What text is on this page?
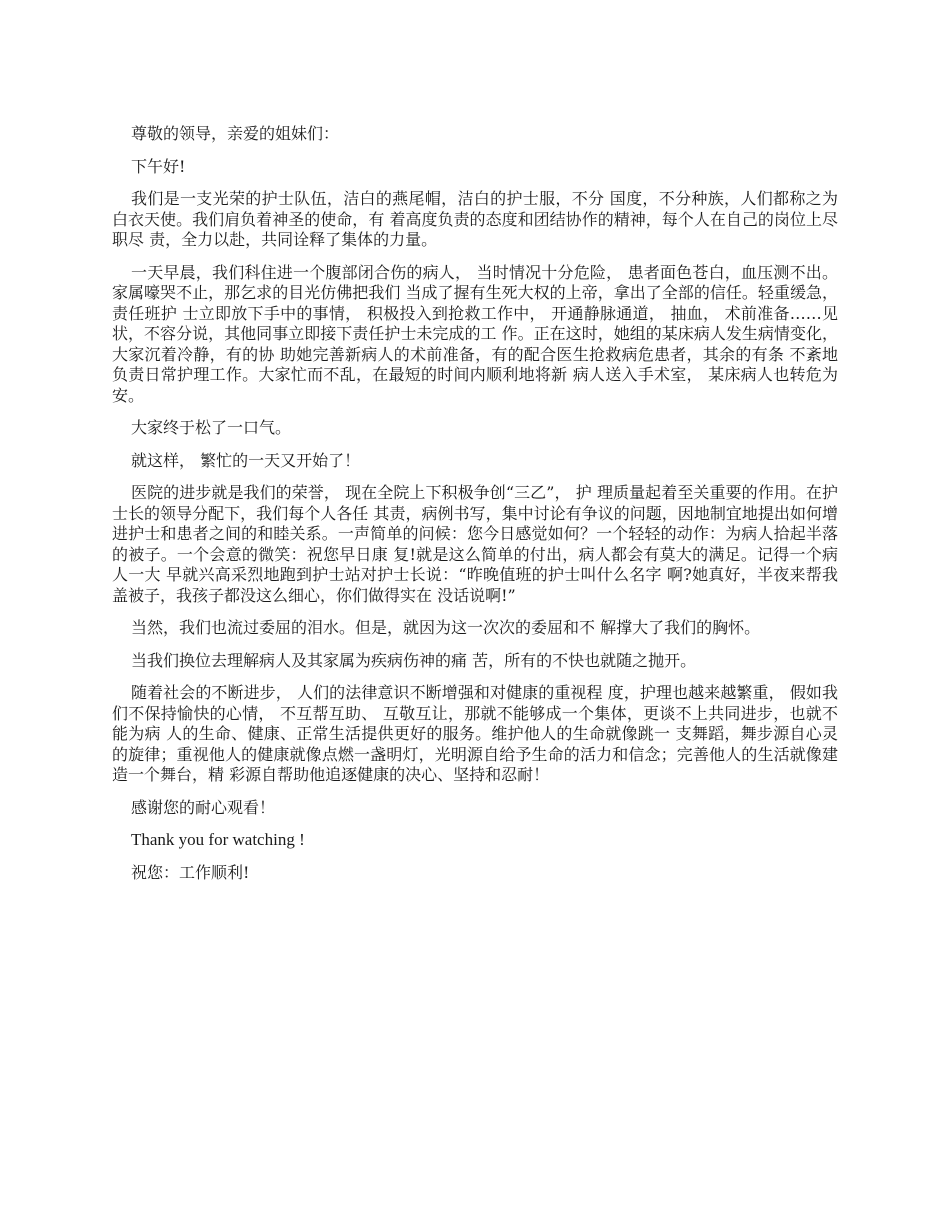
尊敬的领导，亲爱的姐妹们：

下午好!

我们是一支光荣的护士队伍，洁白的燕尾帽，洁白的护士服，不分 国度，不分种族，人们都称之为白衣天使。我们肩负着神圣的使命，有 着高度负责的态度和团结协作的精神，每个人在自己的岗位上尽职尽 责，全力以赴，共同诠释了集体的力量。

一天早晨，我们科住进一个腹部闭合伤的病人， 当时情况十分危险， 患者面色苍白，血压测不出。家属嚎哭不止，那乞求的目光仿佛把我们 当成了握有生死大权的上帝，拿出了全部的信任。轻重缓急，责任班护 士立即放下手中的事情， 积极投入到抢救工作中， 开通静脉通道， 抽血， 术前准备……见状，不容分说，其他同事立即接下责任护士未完成的工 作。正在这时，她组的某床病人发生病情变化，大家沉着冷静，有的协 助她完善新病人的术前准备，有的配合医生抢救病危患者，其余的有条 不紊地负责日常护理工作。大家忙而不乱，在最短的时间内顺利地将新 病人送入手术室， 某床病人也转危为安。

大家终于松了一口气。

就这样， 繁忙的一天又开始了！

医院的进步就是我们的荣誉， 现在全院上下积极争创“三乙”， 护 理质量起着至关重要的作用。在护士长的领导分配下，我们每个人各任 其责，病例书写，集中讨论有争议的问题，因地制宜地提出如何增 进护士和患者之间的和睦关系。一声简单的问候：您今日感觉如何？一个轻轻的动作：为病人拾起半落的被子。一个会意的微笑：祝您早日康 复!就是这么简单的付出，病人都会有莫大的满足。记得一个病人一大 早就兴高采烈地跑到护士站对护士长说：“昨晚值班的护士叫什么名字 啊?她真好，半夜来帮我盖被子，我孩子都没这么细心，你们做得实在 没话说啊!”

当然，我们也流过委屈的泪水。但是，就因为这一次次的委屈和不 解撑大了我们的胸怀。

当我们换位去理解病人及其家属为疾病伤神的痛 苦，所有的不快也就随之抛开。

随着社会的不断进步， 人们的法律意识不断增强和对健康的重视程 度，护理也越来越繁重， 假如我们不保持愉快的心情， 不互帮互助、 互敬互让，那就不能够成一个集体，更谈不上共同进步，也就不能为病 人的生命、健康、正常生活提供更好的服务。维护他人的生命就像跳一 支舞蹈，舞步源自心灵的旋律；重视他人的健康就像点燃一盏明灯，光明源自给予生命的活力和信念；完善他人的生活就像建造一个舞台，精 彩源自帮助他追逐健康的决心、坚持和忍耐！

感谢您的耐心观看！

Thank you for watching !

祝您：工作顺利!
